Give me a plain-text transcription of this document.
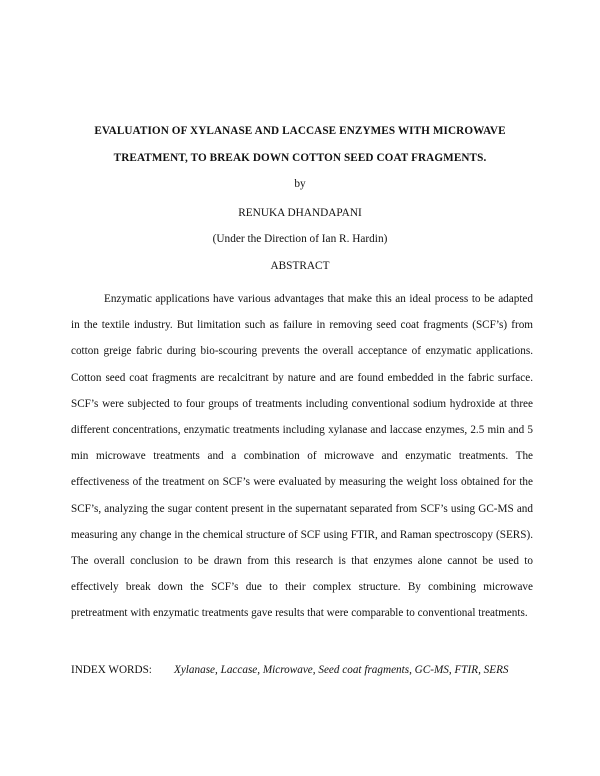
EVALUATION OF XYLANASE AND LACCASE ENZYMES WITH MICROWAVE
TREATMENT, TO BREAK DOWN COTTON SEED COAT FRAGMENTS.
by
RENUKA DHANDAPANI
(Under the Direction of Ian R. Hardin)
ABSTRACT

Enzymatic applications have various advantages that make this an ideal process to be adapted in the textile industry. But limitation such as failure in removing seed coat fragments (SCF’s) from cotton greige fabric during bio-scouring prevents the overall acceptance of enzymatic applications. Cotton seed coat fragments are recalcitrant by nature and are found embedded in the fabric surface. SCF’s were subjected to four groups of treatments including conventional sodium hydroxide at three different concentrations, enzymatic treatments including xylanase and laccase enzymes, 2.5 min and 5 min microwave treatments and a combination of microwave and enzymatic treatments. The effectiveness of the treatment on SCF’s were evaluated by measuring the weight loss obtained for the SCF’s, analyzing the sugar content present in the supernatant separated from SCF’s using GC-MS and measuring any change in the chemical structure of SCF using FTIR, and Raman spectroscopy (SERS). The overall conclusion to be drawn from this research is that enzymes alone cannot be used to effectively break down the SCF’s due to their complex structure. By combining microwave pretreatment with enzymatic treatments gave results that were comparable to conventional treatments.

INDEX WORDS: Xylanase, Laccase, Microwave, Seed coat fragments, GC-MS, FTIR, SERS
